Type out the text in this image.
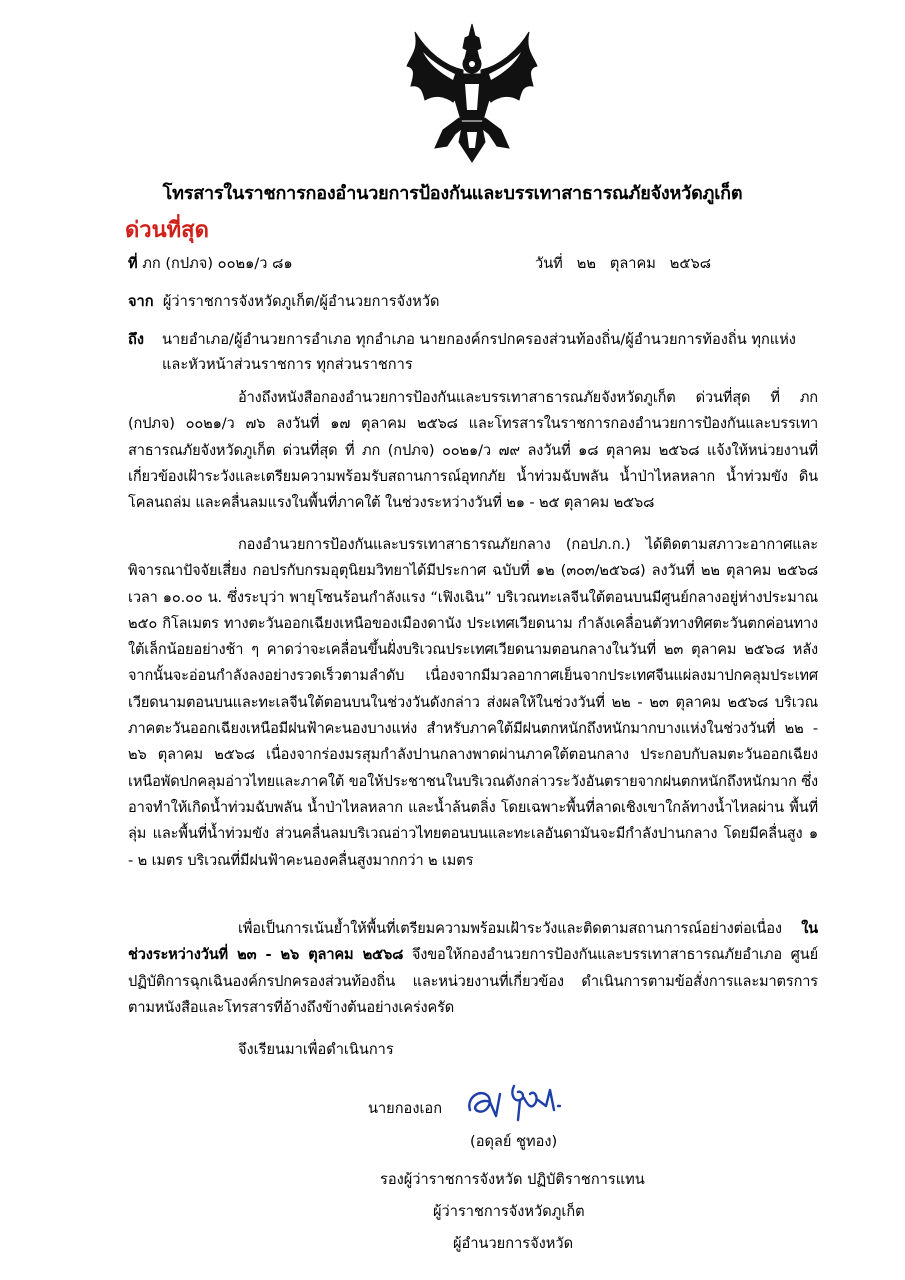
โทรสารในราชการกองอำนวยการป้องกันและบรรเทาสาธารณภัยจังหวัดภูเก็ต
ด่วนที่สุด
ที่ ภก (กปภจ) ๐๐๒๑/ว ๘๑	วันที่ ๒๒   ตุลาคม   ๒๕๖๘
จาก ผู้ว่าราชการจังหวัดภูเก็ต/ผู้อำนวยการจังหวัด
ถึง นายอำเภอ/ผู้อำนวยการอำเภอ ทุกอำเภอ นายกองค์กรปกครองส่วนท้องถิ่น/ผู้อำนวยการท้องถิ่น ทุกแห่ง
และหัวหน้าส่วนราชการ ทุกส่วนราชการ
อ้างถึงหนังสือกองอำนวยการป้องกันและบรรเทาสาธารณภัยจังหวัดภูเก็ต ด่วนที่สุด ที่ ภก (กปภจ) ๐๐๒๑/ว ๗๖ ลงวันที่ ๑๗ ตุลาคม ๒๕๖๘ และโทรสารในราชการกองอำนวยการป้องกันและบรรเทาสาธารณภัยจังหวัดภูเก็ต ด่วนที่สุด ที่ ภก (กปภจ) ๐๐๒๑/ว ๗๙ ลงวันที่ ๑๘ ตุลาคม ๒๕๖๘ แจ้งให้หน่วยงานที่เกี่ยวข้องเฝ้าระวังและเตรียมความพร้อมรับสถานการณ์อุทกภัย น้ำท่วมฉับพลัน น้ำป่าไหลหลาก น้ำท่วมขัง ดินโคลนถล่ม และคลื่นลมแรงในพื้นที่ภาคใต้ ในช่วงระหว่างวันที่ ๒๑ - ๒๕ ตุลาคม ๒๕๖๘
กองอำนวยการป้องกันและบรรเทาสาธารณภัยกลาง (กอปภ.ก.) ได้ติดตามสภาวะอากาศและพิจารณาปัจจัยเสี่ยง กอปรกับกรมอุตุนิยมวิทยาได้มีประกาศ ฉบับที่ ๑๒ (๓๐๓/๒๕๖๘) ลงวันที่ ๒๒ ตุลาคม ๒๕๖๘ เวลา ๑๐.๐๐ น. ซึ่งระบุว่า พายุโซนร้อนกำลังแรง “เฟิงเฉิน” บริเวณทะเลจีนใต้ตอนบนมีศูนย์กลางอยู่ห่างประมาณ ๒๕๐ กิโลเมตร ทางตะวันออกเฉียงเหนือของเมืองดานัง ประเทศเวียดนาม กำลังเคลื่อนตัวทางทิศตะวันตกค่อนทางใต้เล็กน้อยอย่างช้า ๆ คาดว่าจะเคลื่อนขึ้นฝั่งบริเวณประเทศเวียดนามตอนกลางในวันที่ ๒๓ ตุลาคม ๒๕๖๘ หลังจากนั้นจะอ่อนกำลังลงอย่างรวดเร็วตามลำดับ เนื่องจากมีมวลอากาศเย็นจากประเทศจีนแผ่ลงมาปกคลุมประเทศเวียดนามตอนบนและทะเลจีนใต้ตอนบนในช่วงวันดังกล่าว ส่งผลให้ในช่วงวันที่ ๒๒ - ๒๓ ตุลาคม ๒๕๖๘ บริเวณภาคตะวันออกเฉียงเหนือมีฝนฟ้าคะนองบางแห่ง สำหรับภาคใต้มีฝนตกหนักถึงหนักมากบางแห่งในช่วงวันที่ ๒๒ - ๒๖ ตุลาคม ๒๕๖๘ เนื่องจากร่องมรสุมกำลังปานกลางพาดผ่านภาคใต้ตอนกลาง ประกอบกับลมตะวันออกเฉียงเหนือพัดปกคลุมอ่าวไทยและภาคใต้ ขอให้ประชาชนในบริเวณดังกล่าวระวังอันตรายจากฝนตกหนักถึงหนักมาก ซึ่งอาจทำให้เกิดน้ำท่วมฉับพลัน น้ำป่าไหลหลาก และน้ำล้นตลิ่ง โดยเฉพาะพื้นที่ลาดเชิงเขาใกล้ทางน้ำไหลผ่าน พื้นที่ลุ่ม และพื้นที่น้ำท่วมขัง ส่วนคลื่นลมบริเวณอ่าวไทยตอนบนและทะเลอันดามันจะมีกำลังปานกลาง โดยมีคลื่นสูง ๑ - ๒ เมตร บริเวณที่มีฝนฟ้าคะนองคลื่นสูงมากกว่า ๒ เมตร
เพื่อเป็นการเน้นย้ำให้พื้นที่เตรียมความพร้อมเฝ้าระวังและติดตามสถานการณ์อย่างต่อเนื่อง ในช่วงระหว่างวันที่ ๒๓ - ๒๖ ตุลาคม ๒๕๖๘ จึงขอให้กองอำนวยการป้องกันและบรรเทาสาธารณภัยอำเภอ ศูนย์ปฏิบัติการฉุกเฉินองค์กรปกครองส่วนท้องถิ่น และหน่วยงานที่เกี่ยวข้อง ดำเนินการตามข้อสั่งการและมาตรการตามหนังสือและโทรสารที่อ้างถึงข้างต้นอย่างเคร่งครัด
จึงเรียนมาเพื่อดำเนินการ
นายกองเอก
(อดุลย์ ชูทอง)
รองผู้ว่าราชการจังหวัด ปฏิบัติราชการแทน
ผู้ว่าราชการจังหวัดภูเก็ต
ผู้อำนวยการจังหวัด
